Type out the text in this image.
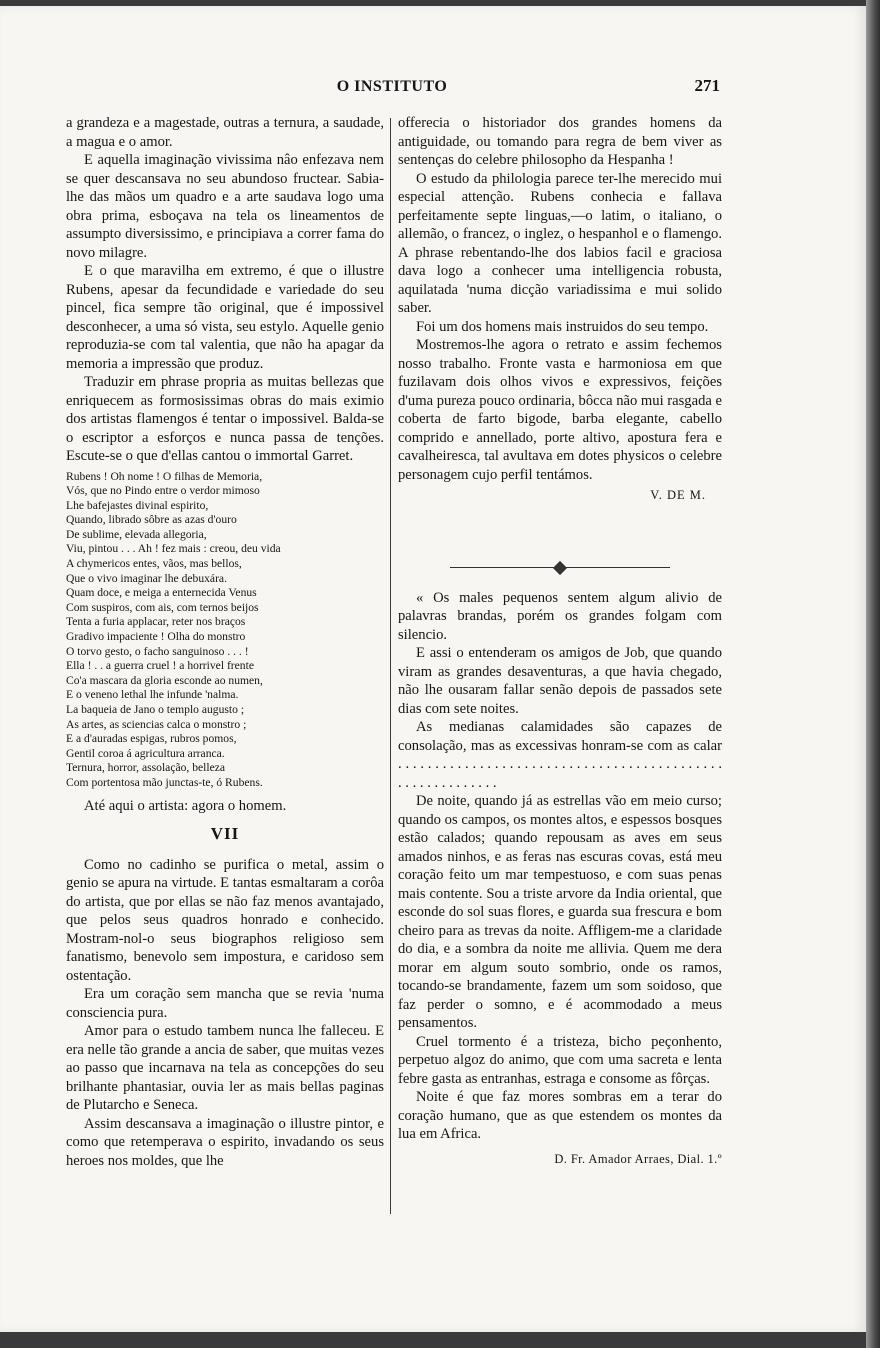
O INSTITUTO	271

a grandeza e a magestade, outras a ternura, a saudade, a magua e o amor.

E aquella imaginação vivissima nâo enfezava nem se quer descansava no seu abundoso fructear. Sabia-lhe das mãos um quadro e a arte saudava logo uma obra prima, esboçava na tela os lineamentos de assumpto diversissimo, e principiava a correr fama do novo milagre.

E o que maravilha em extremo, é que o illustre Rubens, apesar da fecundidade e variedade do seu pincel, fica sempre tão original, que é impossivel desconhecer, a uma só vista, seu estylo. Aquelle genio reproduzia-se com tal valentia, que não ha apagar da memoria a impressão que produz.

Traduzir em phrase propria as muitas bellezas que enriquecem as formosissimas obras do mais eximio dos artistas flamengos é tentar o impossivel. Balda-se o escriptor a esforços e nunca passa de tenções. Escute-se o que d'ellas cantou o immortal Garret.

Rubens ! Oh nome ! O filhas de Memoria,
Vós, que no Pindo entre o verdor mimoso
Lhe bafejastes divinal espirito,
Quando, librado sôbre as azas d'ouro
De sublime, elevada allegoria,
Viu, pintou . . . Ah ! fez mais : creou, deu vida
A chymericos entes, vãos, mas bellos,
Que o vivo imaginar lhe debuxára.
Quam doce, e meiga a enternecida Venus
Com suspiros, com ais, com ternos beijos
Tenta a furia applacar, reter nos braços
Gradivo impaciente ! Olha do monstro
O torvo gesto, o facho sanguinoso . . . !
Ella ! . . a guerra cruel ! a horrivel frente
Co'a mascara da gloria esconde ao numen,
E o veneno lethal lhe infunde 'nalma.
La baqueia de Jano o templo augusto ;
As artes, as sciencias calca o monstro ;
E a d'auradas espigas, rubros pomos,
Gentil coroa á agricultura arranca.
Ternura, horror, assolação, belleza
Com portentosa mão junctas-te, ó Rubens.

Até aqui o artista: agora o homem.

VII

Como no cadinho se purifica o metal, assim o genio se apura na virtude. E tantas esmaltaram a corôa do artista, que por ellas se não faz menos avantajado, que pelos seus quadros honrado e conhecido. Mostram-nol-o seus biographos religioso sem fanatismo, benevolo sem impostura, e caridoso sem ostentação.

Era um coração sem mancha que se revia 'numa consciencia pura.

Amor para o estudo tambem nunca lhe falleceu. E era nelle tão grande a ancia de saber, que muitas vezes ao passo que incarnava na tela as concepções do seu brilhante phantasiar, ouvia ler as mais bellas paginas de Plutarcho e Seneca.

Assim descansava a imaginação o illustre pintor, e como que retemperava o espirito, invadando os seus heroes nos moldes, que lhe

offerecia o historiador dos grandes homens da antiguidade, ou tomando para regra de bem viver as sentenças do celebre philosopho da Hespanha !

O estudo da philologia parece ter-lhe merecido mui especial attenção. Rubens conhecia e fallava perfeitamente septe linguas,—o latim, o italiano, o allemão, o francez, o inglez, o hespanhol e o flamengo. A phrase rebentando-lhe dos labios facil e graciosa dava logo a conhecer uma intelligencia robusta, aquilatada 'numa dicção variadissima e mui solido saber.

Foi um dos homens mais instruidos do seu tempo.

Mostremos-lhe agora o retrato e assim fechemos nosso trabalho. Fronte vasta e harmoniosa em que fuzilavam dois olhos vivos e expressivos, feições d'uma pureza pouco ordinaria, bôcca não mui rasgada e coberta de farto bigode, barba elegante, cabello comprido e annellado, porte altivo, apostura fera e cavalheiresca, tal avultava em dotes physicos o celebre personagem cujo perfil tentámos.

V. DE M.

« Os males pequenos sentem algum alivio de palavras brandas, porém os grandes folgam com silencio.

E assi o entenderam os amigos de Job, que quando viram as grandes desaventuras, a que havia chegado, não lhe ousaram fallar senão depois de passados sete dias com sete noites.

As medianas calamidades são capazes de consolação, mas as excessivas honram-se com as calar . . . . . . . . . . . . . . . . . . . . . . . . . . . . . . . . . . . . . . . . . . . . . . . . . . . . . . . . . .

De noite, quando já as estrellas vão em meio curso; quando os campos, os montes altos, e espessos bosques estão calados; quando repousam as aves em seus amados ninhos, e as feras nas escuras covas, está meu coração feito um mar tempestuoso, e com suas penas mais contente. Sou a triste arvore da India oriental, que esconde do sol suas flores, e guarda sua frescura e bom cheiro para as trevas da noite. Affligem-me a claridade do dia, e a sombra da noite me allivia. Quem me dera morar em algum souto sombrio, onde os ramos, tocando-se brandamente, fazem um som soidoso, que faz perder o somno, e é acommodado a meus pensamentos.

Cruel tormento é a tristeza, bicho peçonhento, perpetuo algoz do animo, que com uma sacreta e lenta febre gasta as entranhas, estraga e consome as fôrças.

Noite é que faz mores sombras em a terar do coração humano, que as que estendem os montes da lua em Africa.

D. Fr. Amador Arraes, Dial. 1.º
